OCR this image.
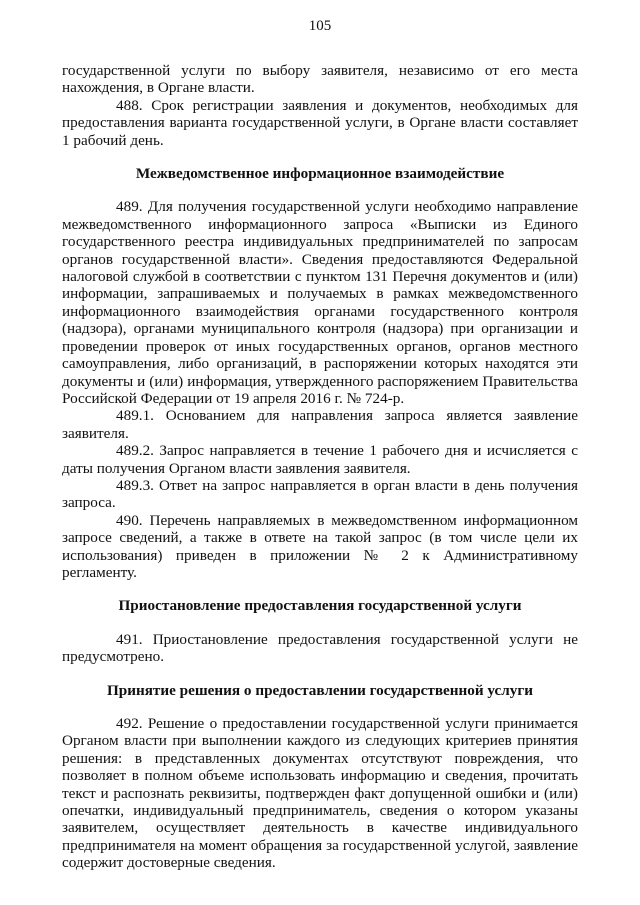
105

государственной услуги по выбору заявителя, независимо от его места нахождения, в Органе власти.

488. Срок регистрации заявления и документов, необходимых для предоставления варианта государственной услуги, в Органе власти составляет 1 рабочий день.

Межведомственное информационное взаимодействие

489. Для получения государственной услуги необходимо направление межведомственного информационного запроса «Выписки из Единого государственного реестра индивидуальных предпринимателей по запросам органов государственной власти». Сведения предоставляются Федеральной налоговой службой в соответствии с пунктом 131 Перечня документов и (или) информации, запрашиваемых и получаемых в рамках межведомственного информационного взаимодействия органами государственного контроля (надзора), органами муниципального контроля (надзора) при организации и проведении проверок от иных государственных органов, органов местного самоуправления, либо организаций, в распоряжении которых находятся эти документы и (или) информация, утвержденного распоряжением Правительства Российской Федерации от 19 апреля 2016 г. № 724-р.

489.1. Основанием для направления запроса является заявление заявителя.

489.2. Запрос направляется в течение 1 рабочего дня и исчисляется с даты получения Органом власти заявления заявителя.

489.3. Ответ на запрос направляется в орган власти в день получения запроса.

490. Перечень направляемых в межведомственном информационном запросе сведений, а также в ответе на такой запрос (в том числе цели их использования) приведен в приложении № 2 к Административному регламенту.

Приостановление предоставления государственной услуги

491. Приостановление предоставления государственной услуги не предусмотрено.

Принятие решения о предоставлении государственной услуги

492. Решение о предоставлении государственной услуги принимается Органом власти при выполнении каждого из следующих критериев принятия решения: в представленных документах отсутствуют повреждения, что позволяет в полном объеме использовать информацию и сведения, прочитать текст и распознать реквизиты, подтвержден факт допущенной ошибки и (или) опечатки, индивидуальный предприниматель, сведения о котором указаны заявителем, осуществляет деятельность в качестве индивидуального предпринимателя на момент обращения за государственной услугой, заявление содержит достоверные сведения.
